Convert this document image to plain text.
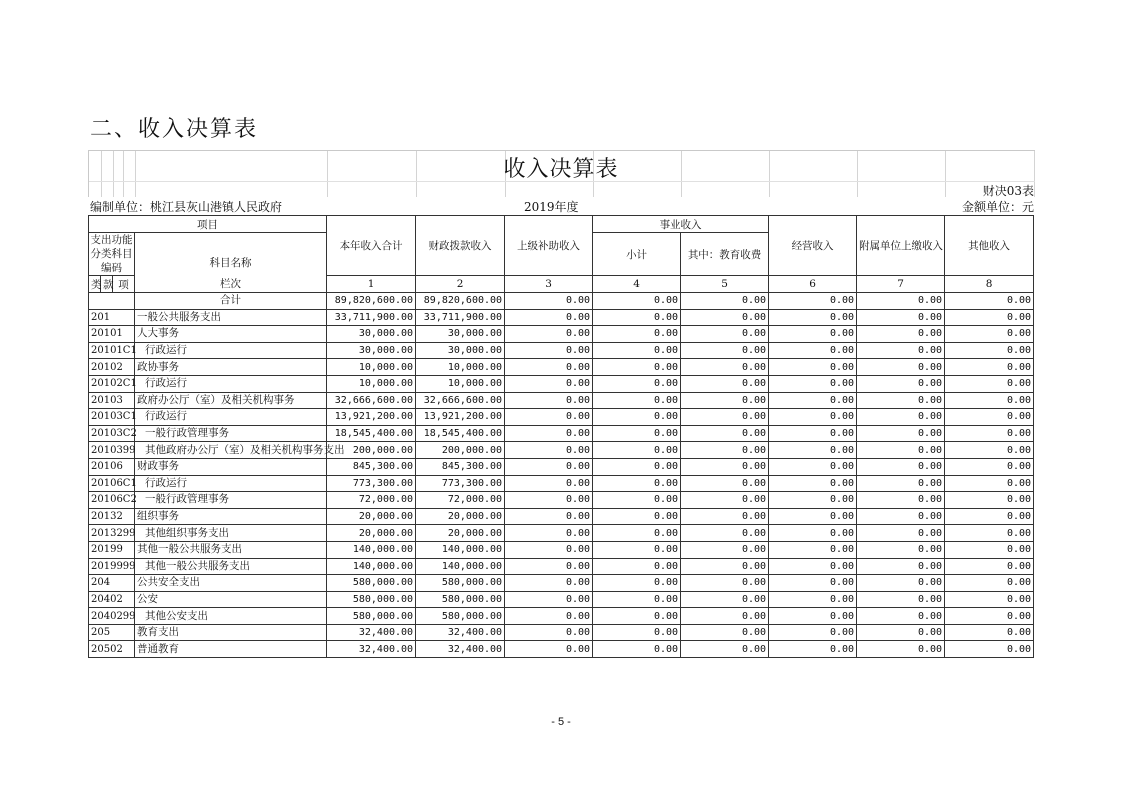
二、收入决算表
收入决算表
财决03表
编制单位：桃江县灰山港镇人民政府	2019年度	金额单位：元
项目				本年收入合计	财政拨款收入	上级补助收入	事业收入		经营收入	附属单位上缴收入	其他收入

支出功能
分类科目
编码			科目名称				小计	其中：教育收费			
类	款	项		1	2	3	4	5	6	7	8

			栏次
合计	89,820,600.00	89,820,600.00	0.00	0.00	0.00	0.00	0.00	0.00
201			一般公共服务支出	33,711,900.00	33,711,900.00	0.00	0.00	0.00	0.00	0.00	0.00
20101			人大事务	30,000.00	30,000.00	0.00	0.00	0.00	0.00	0.00	0.00
20101C1			行政运行	30,000.00	30,000.00	0.00	0.00	0.00	0.00	0.00	0.00
20102			政协事务	10,000.00	10,000.00	0.00	0.00	0.00	0.00	0.00	0.00
20102C1			行政运行	10,000.00	10,000.00	0.00	0.00	0.00	0.00	0.00	0.00
20103			政府办公厅（室）及相关机构事务	32,666,600.00	32,666,600.00	0.00	0.00	0.00	0.00	0.00	0.00
20103C1			行政运行	13,921,200.00	13,921,200.00	0.00	0.00	0.00	0.00	0.00	0.00
20103C2			一般行政管理事务	18,545,400.00	18,545,400.00	0.00	0.00	0.00	0.00	0.00	0.00
2010399			其他政府办公厅（室）及相关机构事务支出	200,000.00	200,000.00	0.00	0.00	0.00	0.00	0.00	0.00
20106			财政事务	845,300.00	845,300.00	0.00	0.00	0.00	0.00	0.00	0.00
20106C1			行政运行	773,300.00	773,300.00	0.00	0.00	0.00	0.00	0.00	0.00
20106C2			一般行政管理事务	72,000.00	72,000.00	0.00	0.00	0.00	0.00	0.00	0.00
20132			组织事务	20,000.00	20,000.00	0.00	0.00	0.00	0.00	0.00	0.00
2013299			其他组织事务支出	20,000.00	20,000.00	0.00	0.00	0.00	0.00	0.00	0.00
20199			其他一般公共服务支出	140,000.00	140,000.00	0.00	0.00	0.00	0.00	0.00	0.00
2019999			其他一般公共服务支出	140,000.00	140,000.00	0.00	0.00	0.00	0.00	0.00	0.00
204			公共安全支出	580,000.00	580,000.00	0.00	0.00	0.00	0.00	0.00	0.00
20402			公安	580,000.00	580,000.00	0.00	0.00	0.00	0.00	0.00	0.00
2040299			其他公安支出	580,000.00	580,000.00	0.00	0.00	0.00	0.00	0.00	0.00
205			教育支出	32,400.00	32,400.00	0.00	0.00	0.00	0.00	0.00	0.00
20502			普通教育	32,400.00	32,400.00	0.00	0.00	0.00	0.00	0.00	0.00
- 5 -
